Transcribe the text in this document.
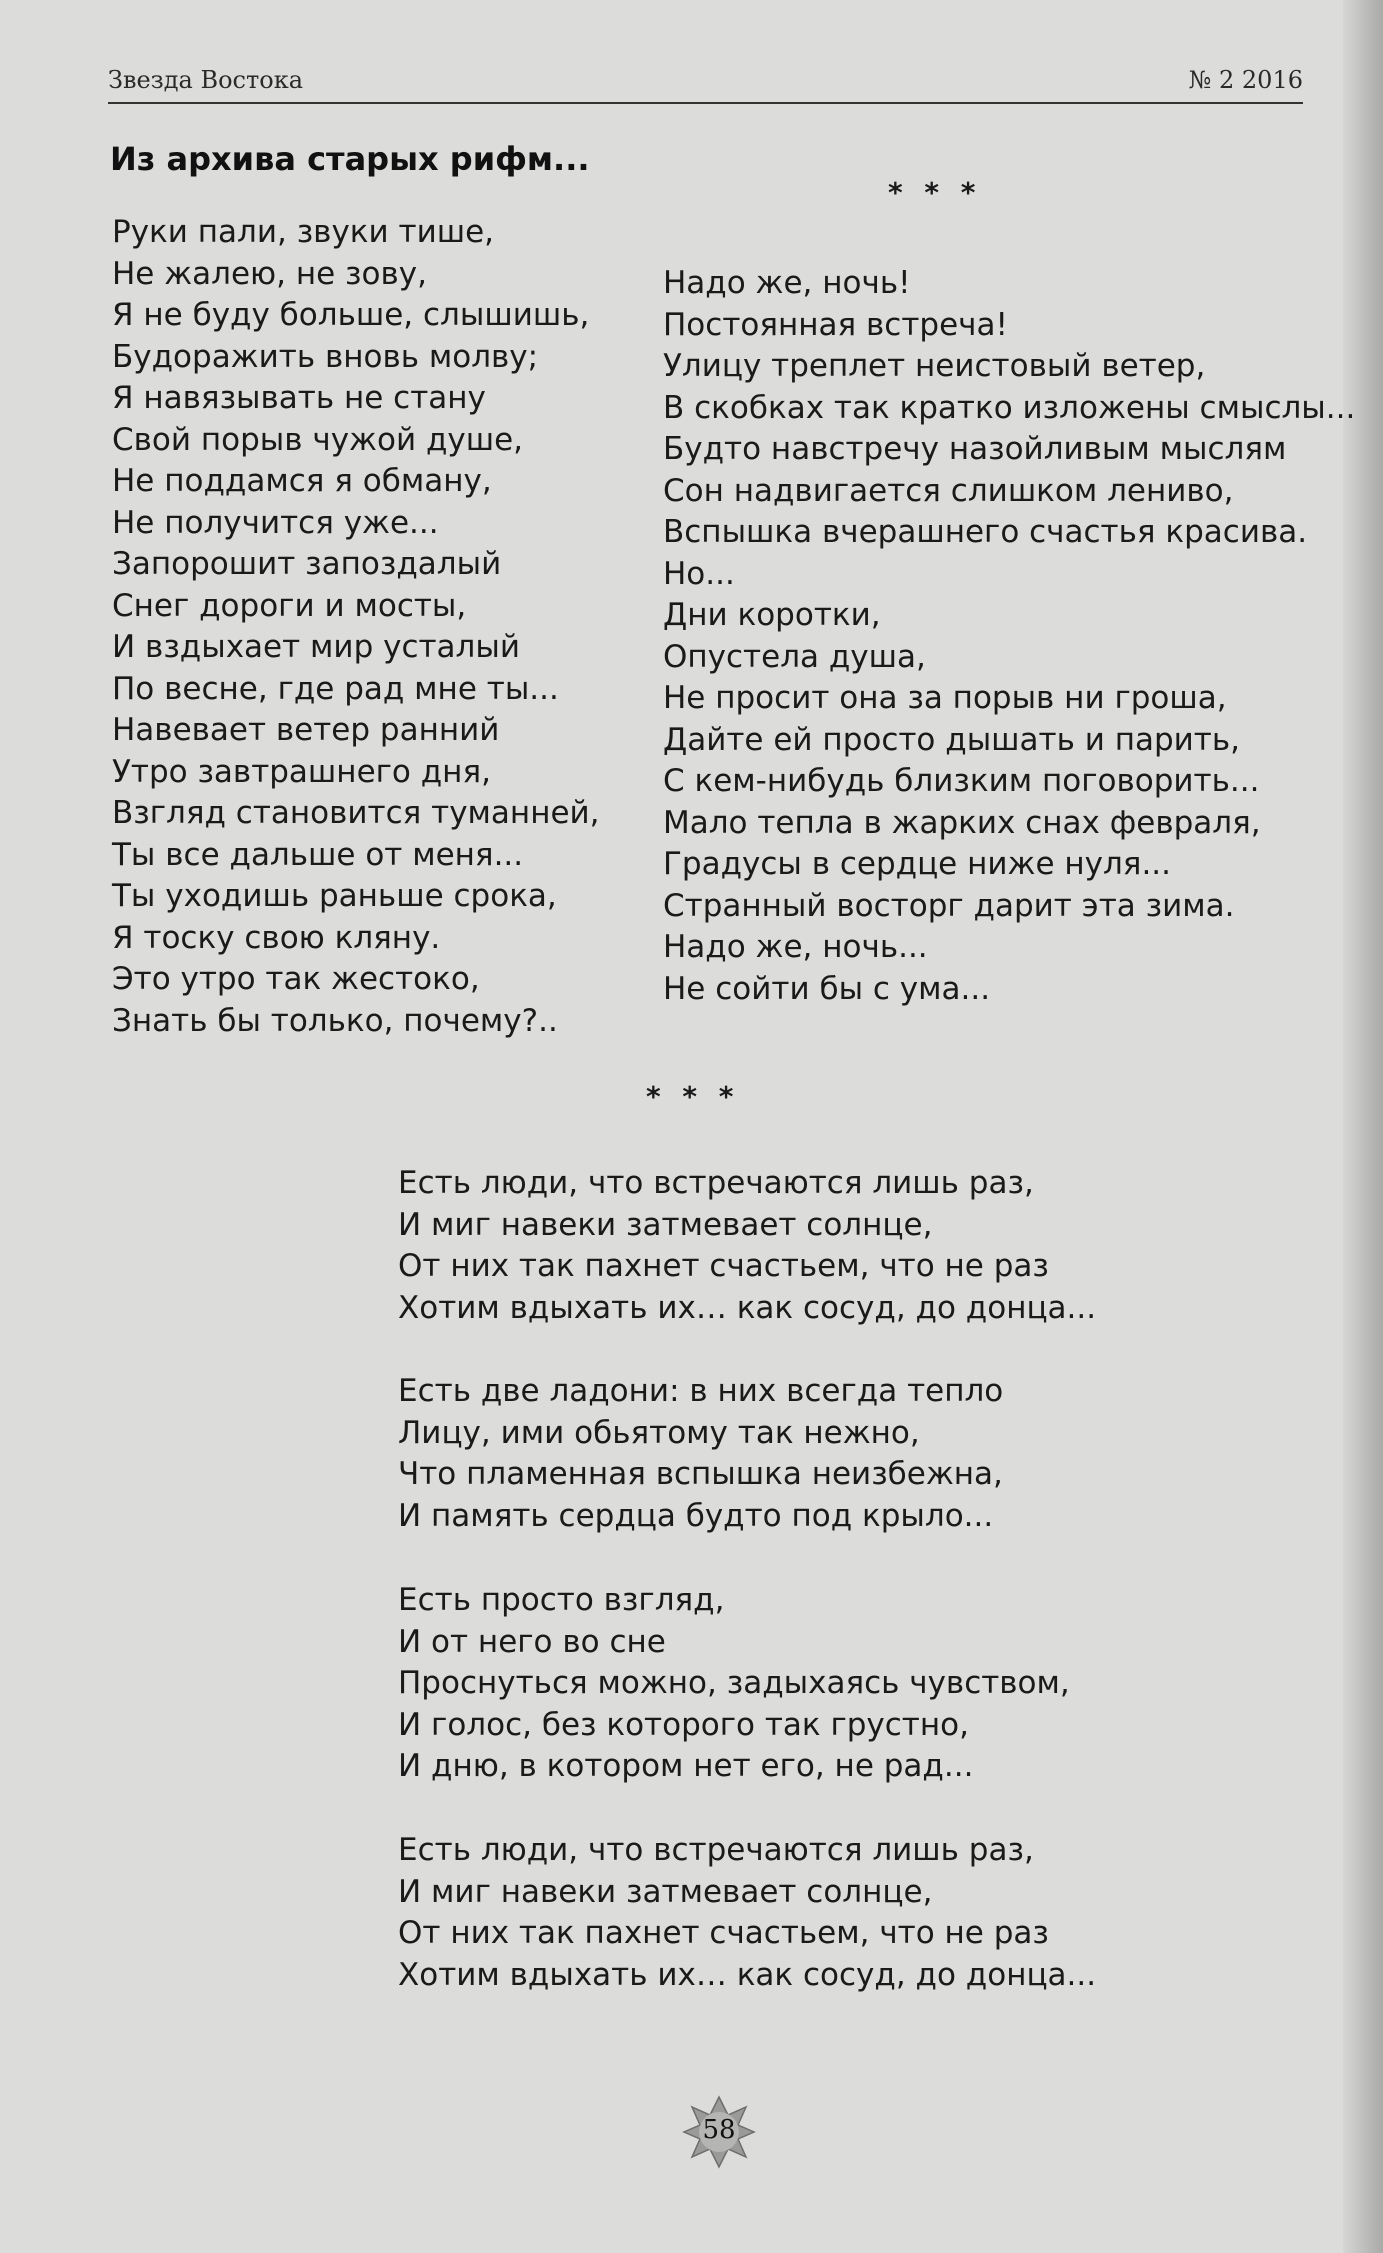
Звезда Востока	№ 2 2016
Из архива старых рифм...
* * *
Руки пали, звуки тише,
Не жалею, не зову,
Я не буду больше, слышишь,
Будоражить вновь молву;
Я навязывать не стану
Свой порыв чужой душе,
Не поддамся я обману,
Не получится уже...
Запорошит запоздалый
Снег дороги и мосты,
И вздыхает мир усталый
По весне, где рад мне ты...
Навевает ветер ранний
Утро завтрашнего дня,
Взгляд становится туманней,
Ты все дальше от меня...
Ты уходишь раньше срока,
Я тоску свою кляну.
Это утро так жестоко,
Знать бы только, почему?..
Надо же, ночь!
Постоянная встреча!
Улицу треплет неистовый ветер,
В скобках так кратко изложены смыслы...
Будто навстречу назойливым мыслям
Сон надвигается слишком лениво,
Вспышка вчерашнего счастья красива.
Но...
Дни коротки,
Опустела душа,
Не просит она за порыв ни гроша,
Дайте ей просто дышать и парить,
С кем-нибудь близким поговорить...
Мало тепла в жарких снах февраля,
Градусы в сердце ниже нуля...
Странный восторг дарит эта зима.
Надо же, ночь...
Не сойти бы с ума...
* * *
Есть люди, что встречаются лишь раз,
И миг навеки затмевает солнце,
От них так пахнет счастьем, что не раз
Хотим вдыхать их… как сосуд, до донца...
Есть две ладони: в них всегда тепло
Лицу, ими обьятому так нежно,
Что пламенная вспышка неизбежна,
И память сердца будто под крыло...
Есть просто взгляд,
И от него во сне
Проснуться можно, задыхаясь чувством,
И голос, без которого так грустно,
И дню, в котором нет его, не рад...
Есть люди, что встречаются лишь раз,
И миг навеки затмевает солнце,
От них так пахнет счастьем, что не раз
Хотим вдыхать их… как сосуд, до донца...
58
